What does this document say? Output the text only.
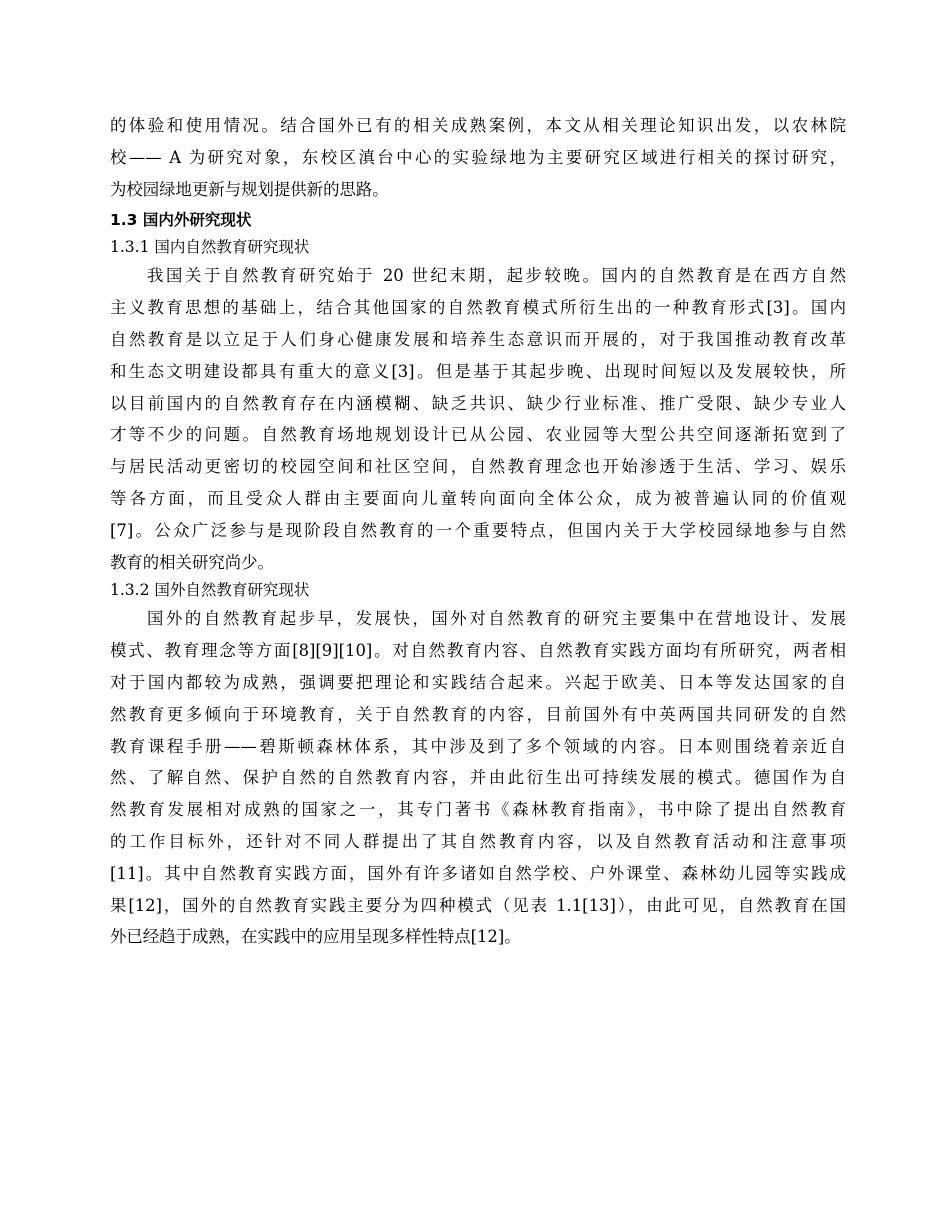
的体验和使用情况。结合国外已有的相关成熟案例，本文从相关理论知识出发，以农林院
校—— A 为研究对象，东校区滇台中心的实验绿地为主要研究区域进行相关的探讨研究，
为校园绿地更新与规划提供新的思路。
1.3 国内外研究现状
1.3.1 国内自然教育研究现状
我国关于自然教育研究始于 20 世纪末期，起步较晚。国内的自然教育是在西方自然
主义教育思想的基础上，结合其他国家的自然教育模式所衍生出的一种教育形式[3]。国内
自然教育是以立足于人们身心健康发展和培养生态意识而开展的，对于我国推动教育改革
和生态文明建设都具有重大的意义[3]。但是基于其起步晚、出现时间短以及发展较快，所
以目前国内的自然教育存在内涵模糊、缺乏共识、缺少行业标准、推广受限、缺少专业人
才等不少的问题。自然教育场地规划设计已从公园、农业园等大型公共空间逐渐拓宽到了
与居民活动更密切的校园空间和社区空间，自然教育理念也开始渗透于生活、学习、娱乐
等各方面，而且受众人群由主要面向儿童转向面向全体公众，成为被普遍认同的价值观
[7]。公众广泛参与是现阶段自然教育的一个重要特点，但国内关于大学校园绿地参与自然
教育的相关研究尚少。
1.3.2 国外自然教育研究现状
国外的自然教育起步早，发展快，国外对自然教育的研究主要集中在营地设计、发展
模式、教育理念等方面[8][9][10]。对自然教育内容、自然教育实践方面均有所研究，两者相
对于国内都较为成熟，强调要把理论和实践结合起来。兴起于欧美、日本等发达国家的自
然教育更多倾向于环境教育，关于自然教育的内容，目前国外有中英两国共同研发的自然
教育课程手册——碧斯顿森林体系，其中涉及到了多个领域的内容。日本则围绕着亲近自
然、了解自然、保护自然的自然教育内容，并由此衍生出可持续发展的模式。德国作为自
然教育发展相对成熟的国家之一，其专门著书《森林教育指南》，书中除了提出自然教育
的工作目标外，还针对不同人群提出了其自然教育内容，以及自然教育活动和注意事项
[11]。其中自然教育实践方面，国外有许多诸如自然学校、户外课堂、森林幼儿园等实践成
果[12]，国外的自然教育实践主要分为四种模式（见表 1.1[13]），由此可见，自然教育在国
外已经趋于成熟，在实践中的应用呈现多样性特点[12]。
